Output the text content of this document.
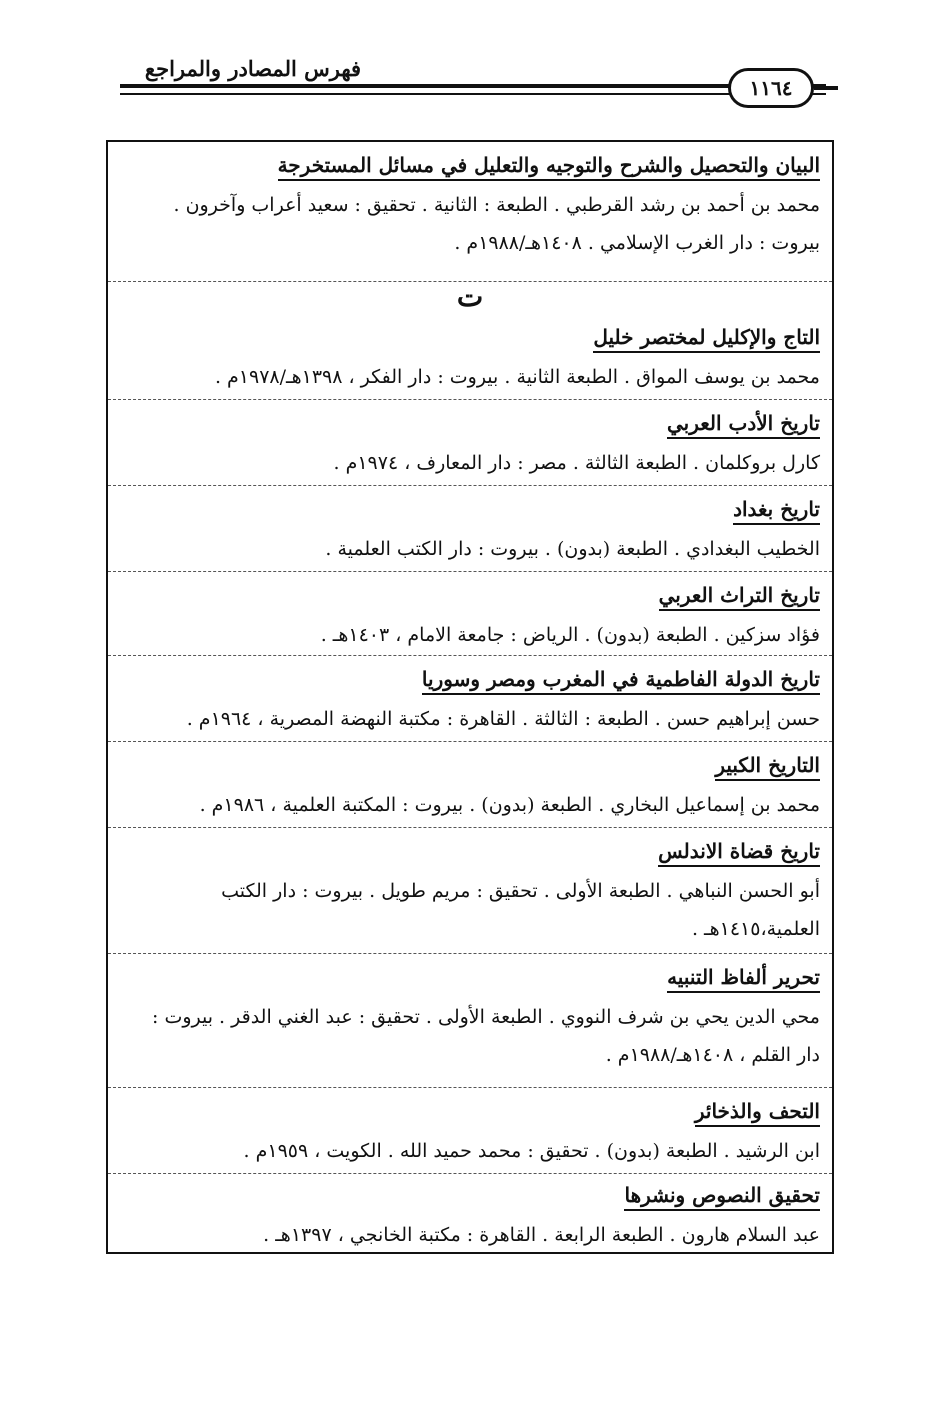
فهرس المصادر والمراجع
١١٦٤
البيان والتحصيل والشرح والتوجيه والتعليل في مسائل المستخرجة
محمد بن أحمد بن رشد القرطبي . الطبعة : الثانية . تحقيق : سعيد أعراب وآخرون .
بيروت : دار الغرب الإسلامي . ١٤٠٨هـ/١٩٨٨م .
ت
التاج والإكليل لمختصر خليل
محمد بن يوسف المواق . الطبعة الثانية . بيروت : دار الفكر ، ١٣٩٨هـ/١٩٧٨م .
تاريخ الأدب العربي
كارل بروكلمان . الطبعة الثالثة . مصر : دار المعارف ، ١٩٧٤م .
تاريخ بغداد
الخطيب البغدادي . الطبعة (بدون) . بيروت : دار الكتب العلمية .
تاريخ التراث العربي
فؤاد سزكين . الطبعة (بدون) . الرياض : جامعة الامام ، ١٤٠٣هـ .
تاريخ الدولة الفاطمية في المغرب ومصر وسوريا
حسن إبراهيم حسن . الطبعة : الثالثة . القاهرة : مكتبة النهضة المصرية ، ١٩٦٤م .
التاريخ الكبير
محمد بن إسماعيل البخاري . الطبعة (بدون) . بيروت : المكتبة العلمية ، ١٩٨٦م .
تاريخ قضاة الاندلس
أبو الحسن النباهي . الطبعة الأولى . تحقيق : مريم طويل . بيروت : دار الكتب
العلمية،١٤١٥هـ .
تحرير ألفاظ التنبيه
محي الدين يحي بن شرف النووي . الطبعة الأولى . تحقيق : عبد الغني الدقر . بيروت :
دار القلم ، ١٤٠٨هـ/١٩٨٨م .
التحف والذخائر
ابن الرشيد . الطبعة (بدون) . تحقيق : محمد حميد الله . الكويت ، ١٩٥٩م .
تحقيق النصوص ونشرها
عبد السلام هارون . الطبعة الرابعة . القاهرة : مكتبة الخانجي ، ١٣٩٧هـ .
